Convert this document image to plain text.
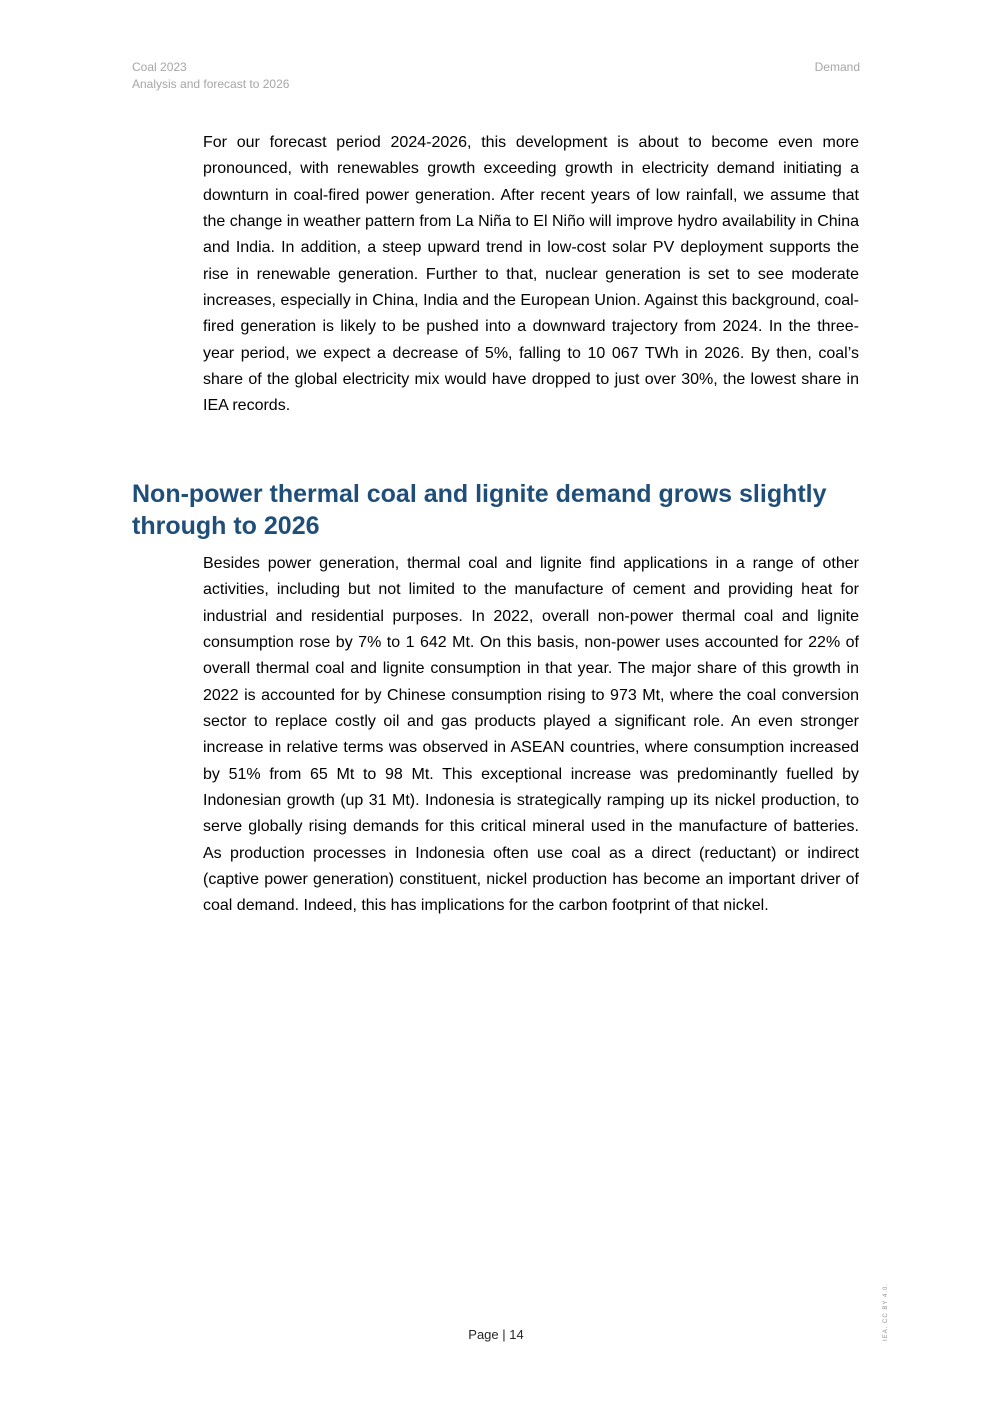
Coal 2023
Analysis and forecast to 2026
Demand

For our forecast period 2024-2026, this development is about to become even more pronounced, with renewables growth exceeding growth in electricity demand initiating a downturn in coal-fired power generation. After recent years of low rainfall, we assume that the change in weather pattern from La Niña to El Niño will improve hydro availability in China and India. In addition, a steep upward trend in low-cost solar PV deployment supports the rise in renewable generation. Further to that, nuclear generation is set to see moderate increases, especially in China, India and the European Union. Against this background, coal-fired generation is likely to be pushed into a downward trajectory from 2024. In the three-year period, we expect a decrease of 5%, falling to 10 067 TWh in 2026. By then, coal’s share of the global electricity mix would have dropped to just over 30%, the lowest share in IEA records.

Non-power thermal coal and lignite demand grows slightly through to 2026

Besides power generation, thermal coal and lignite find applications in a range of other activities, including but not limited to the manufacture of cement and providing heat for industrial and residential purposes. In 2022, overall non-power thermal coal and lignite consumption rose by 7% to 1 642 Mt. On this basis, non-power uses accounted for 22% of overall thermal coal and lignite consumption in that year. The major share of this growth in 2022 is accounted for by Chinese consumption rising to 973 Mt, where the coal conversion sector to replace costly oil and gas products played a significant role. An even stronger increase in relative terms was observed in ASEAN countries, where consumption increased by 51% from 65 Mt to 98 Mt. This exceptional increase was predominantly fuelled by Indonesian growth (up 31 Mt). Indonesia is strategically ramping up its nickel production, to serve globally rising demands for this critical mineral used in the manufacture of batteries. As production processes in Indonesia often use coal as a direct (reductant) or indirect (captive power generation) constituent, nickel production has become an important driver of coal demand. Indeed, this has implications for the carbon footprint of that nickel.

Page | 14	IEA. CC BY 4.0.
